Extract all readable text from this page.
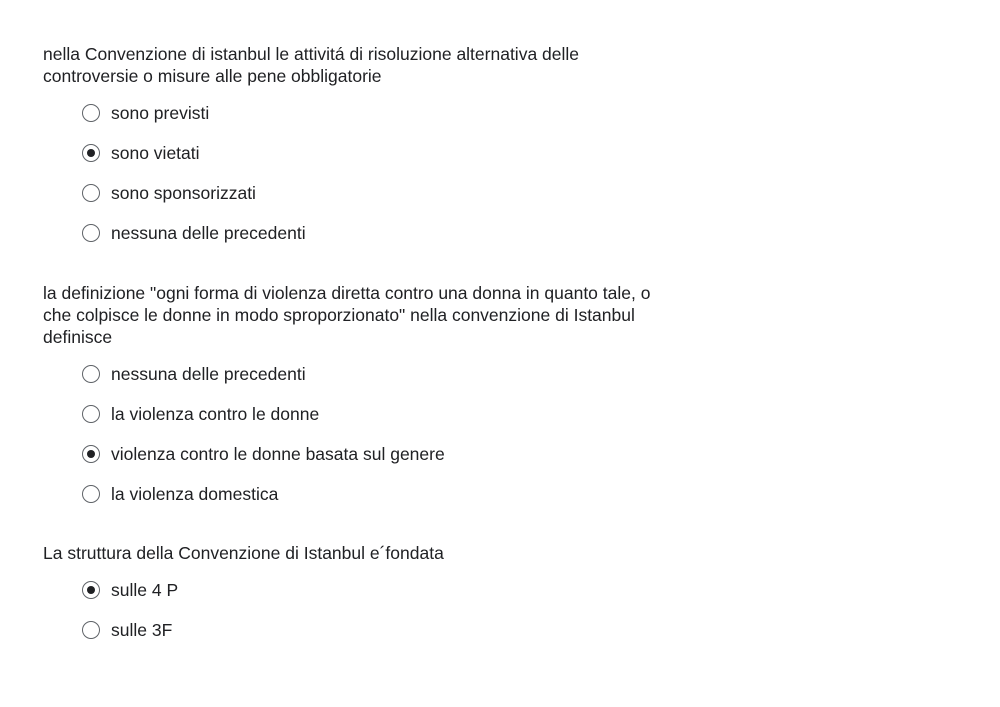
nella Convenzione di istanbul le attivitá di risoluzione alternativa delle
controversie o misure alle pene obbligatorie

sono previsti
sono vietati
sono sponsorizzati
nessuna delle precedenti

la definizione "ogni forma di violenza diretta contro una donna in quanto tale, o
che colpisce le donne in modo sproporzionato" nella convenzione di Istanbul
definisce

nessuna delle precedenti
la violenza contro le donne
violenza contro le donne basata sul genere
la violenza domestica

La struttura della Convenzione di Istanbul e´fondata

sulle 4 P
sulle 3F
